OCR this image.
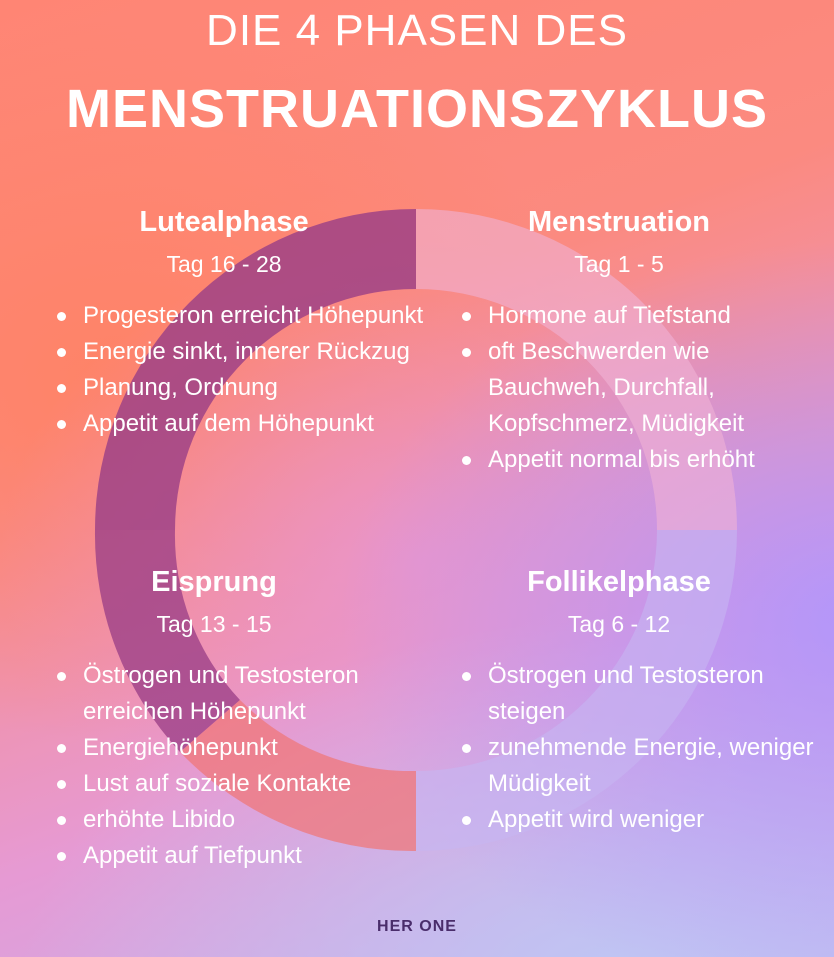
DIE 4 PHASEN DES
MENSTRUATIONSZYKLUS
Lutealphase
Tag 16 - 28
Progesteron erreicht Höhepunkt
Energie sinkt, innerer Rückzug
Planung, Ordnung
Appetit auf dem Höhepunkt
Menstruation
Tag 1 - 5
Hormone auf Tiefstand
oft Beschwerden wie Bauchweh, Durchfall, Kopfschmerz, Müdigkeit
Appetit normal bis erhöht
Eisprung
Tag 13 - 15
Östrogen und Testosteron erreichen Höhepunkt
Energiehöhepunkt
Lust auf soziale Kontakte
erhöhte Libido
Appetit auf Tiefpunkt
Follikelphase
Tag 6 - 12
Östrogen und Testosteron steigen
zunehmende Energie, weniger Müdigkeit
Appetit wird weniger
HER ONE
